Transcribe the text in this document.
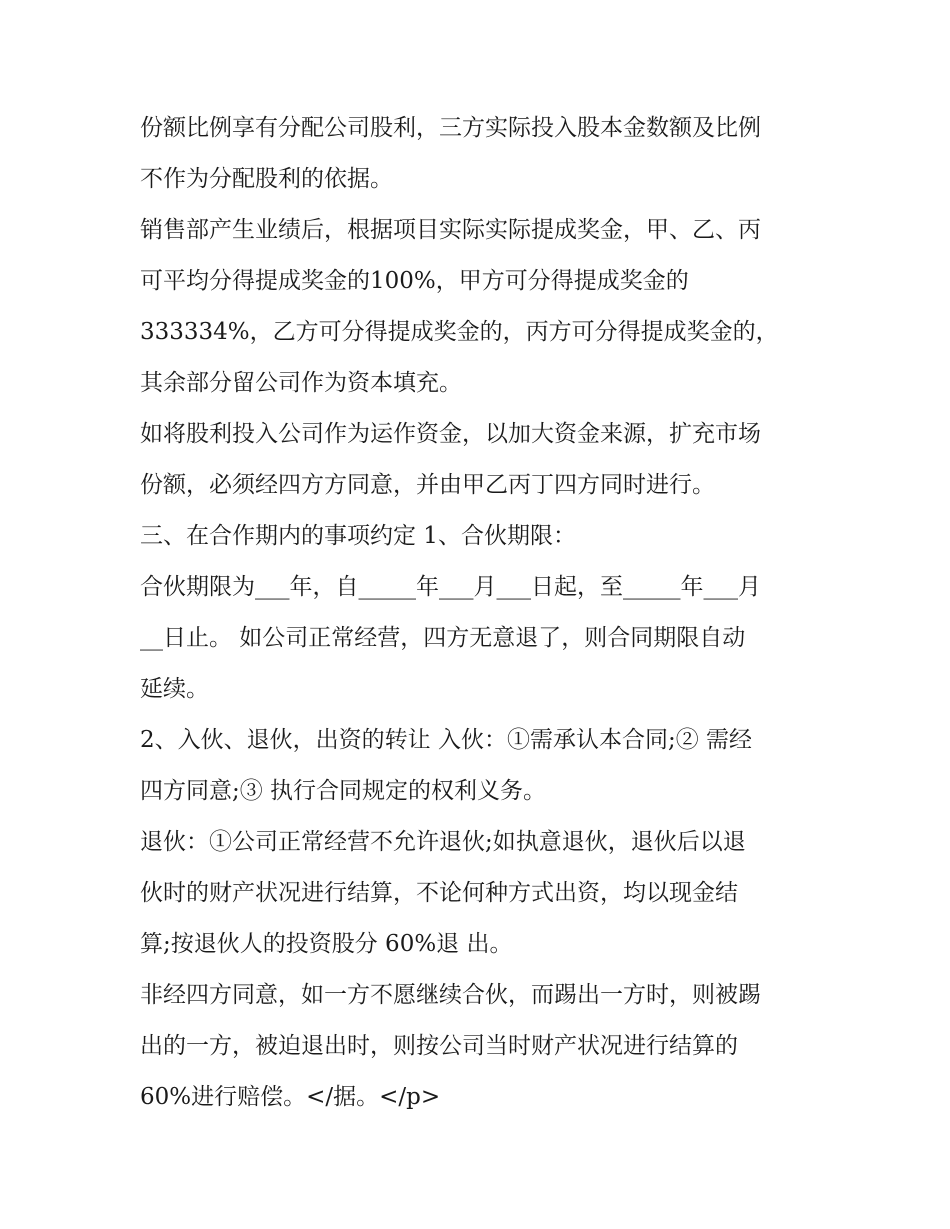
份额比例享有分配公司股利，三方实际投入股本金数额及比例
不作为分配股利的依据。
销售部产生业绩后，根据项目实际实际提成奖金，甲、乙、丙
可平均分得提成奖金的100%，甲方可分得提成奖金的
333334%，乙方可分得提成奖金的，丙方可分得提成奖金的，
其余部分留公司作为资本填充。
如将股利投入公司作为运作资金，以加大资金来源，扩充市场
份额，必须经四方方同意，并由甲乙丙丁四方同时进行。
三、在合作期内的事项约定 1、合伙期限：
合伙期限为___年，自_____年___月___日起，至_____年___月
__日止。 如公司正常经营，四方无意退了，则合同期限自动
延续。
2、入伙、退伙，出资的转让 入伙：①需承认本合同;② 需经
四方同意;③ 执行合同规定的权利义务。
退伙：①公司正常经营不允许退伙;如执意退伙，退伙后以退
伙时的财产状况进行结算，不论何种方式出资，均以现金结
算;按退伙人的投资股分 60%退 出。
非经四方同意，如一方不愿继续合伙，而踢出一方时，则被踢
出的一方，被迫退出时，则按公司当时财产状况进行结算的
60%进行赔偿。</据。</p>
